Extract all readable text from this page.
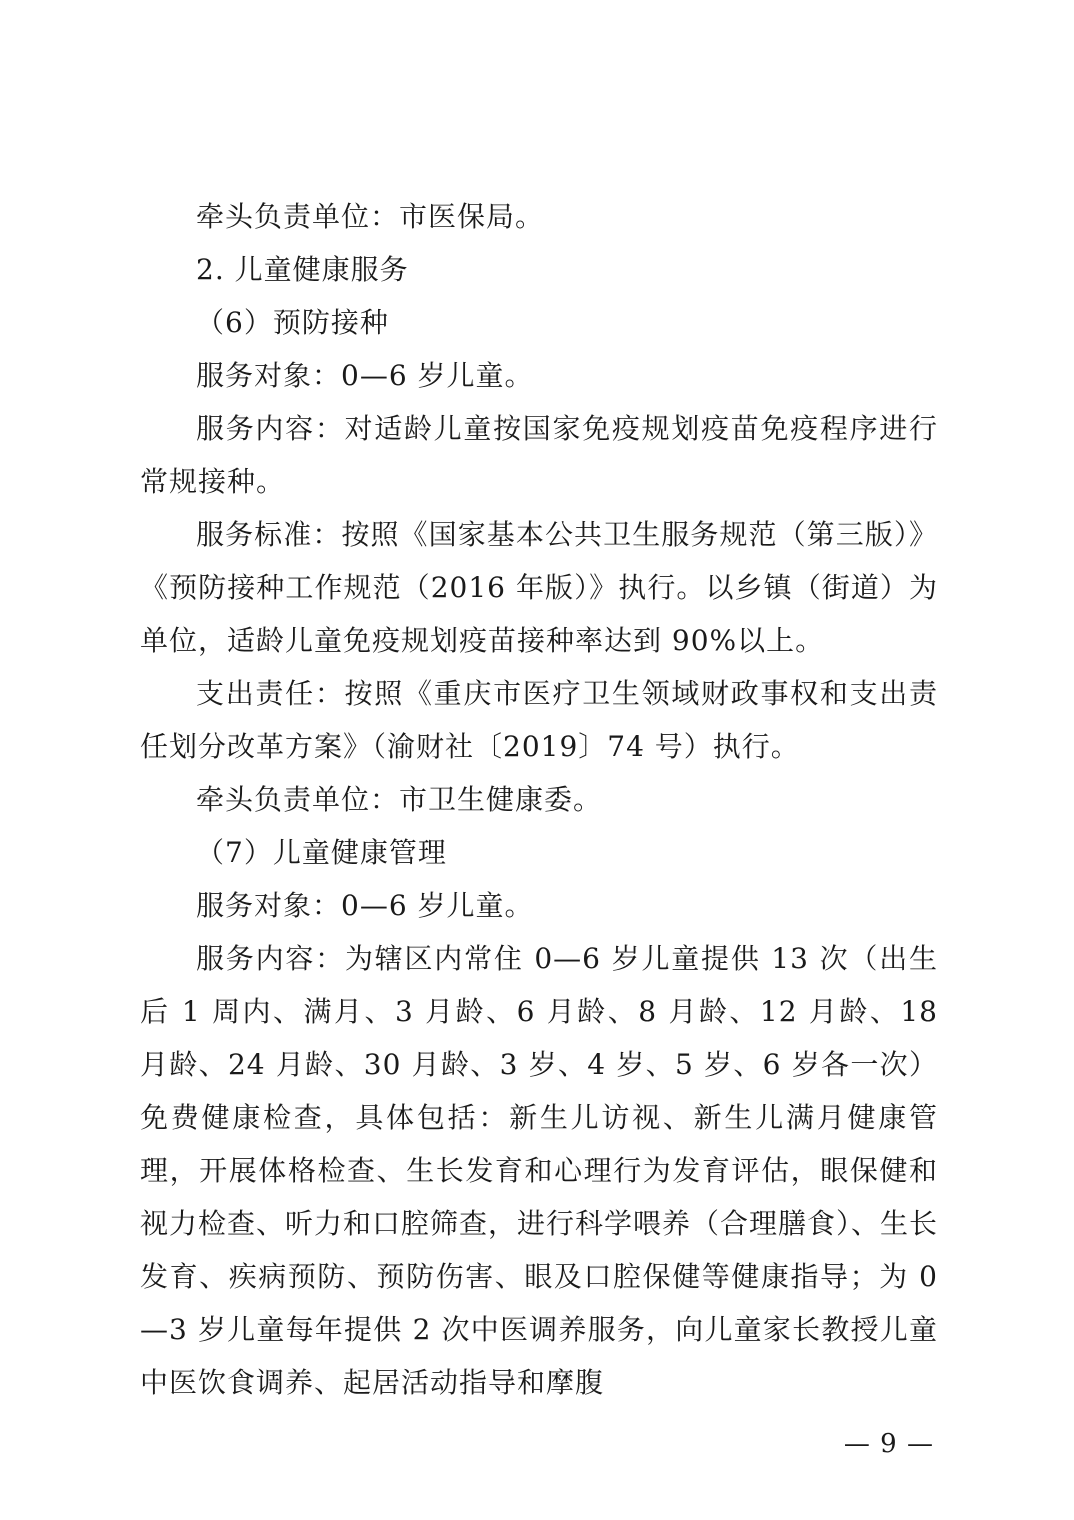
牵头负责单位：市医保局。

2. 儿童健康服务

（6）预防接种

服务对象：0—6 岁儿童。

服务内容：对适龄儿童按国家免疫规划疫苗免疫程序进行常规接种。

服务标准：按照《国家基本公共卫生服务规范（第三版）》《预防接种工作规范（2016 年版）》执行。以乡镇（街道）为单位，适龄儿童免疫规划疫苗接种率达到 90%以上。

支出责任：按照《重庆市医疗卫生领域财政事权和支出责任划分改革方案》（渝财社〔2019〕74 号）执行。

牵头负责单位：市卫生健康委。

（7）儿童健康管理

服务对象：0—6 岁儿童。

服务内容：为辖区内常住 0—6 岁儿童提供 13 次（出生后 1 周内、满月、3 月龄、6 月龄、8 月龄、12 月龄、18 月龄、24 月龄、30 月龄、3 岁、4 岁、5 岁、6 岁各一次）免费健康检查，具体包括：新生儿访视、新生儿满月健康管理，开展体格检查、生长发育和心理行为发育评估，眼保健和视力检查、听力和口腔筛查，进行科学喂养（合理膳食）、生长发育、疾病预防、预防伤害、眼及口腔保健等健康指导；为 0—3 岁儿童每年提供 2 次中医调养服务，向儿童家长教授儿童中医饮食调养、起居活动指导和摩腹

— 9 —
